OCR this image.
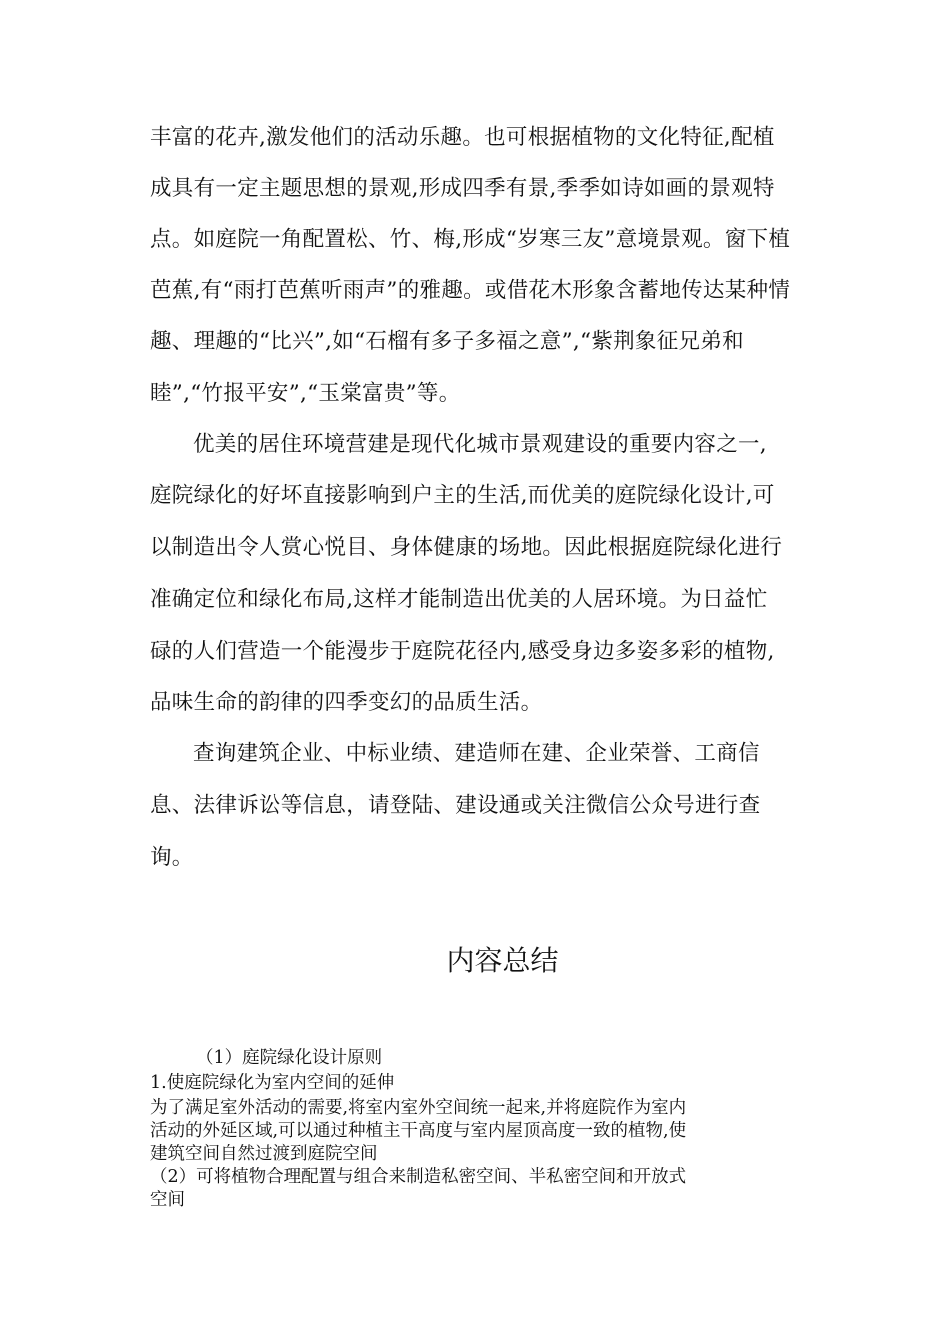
丰富的花卉,激发他们的活动乐趣。也可根据植物的文化特征,配植
成具有一定主题思想的景观,形成四季有景,季季如诗如画的景观特
点。如庭院一角配置松、竹、梅,形成“岁寒三友”意境景观。窗下植
芭蕉,有“雨打芭蕉听雨声”的雅趣。或借花木形象含蓄地传达某种情
趣、理趣的“比兴”,如“石榴有多子多福之意”,“紫荆象征兄弟和
睦”,“竹报平安”,“玉棠富贵”等。
优美的居住环境营建是现代化城市景观建设的重要内容之一,
庭院绿化的好坏直接影响到户主的生活,而优美的庭院绿化设计,可
以制造出令人赏心悦目、身体健康的场地。因此根据庭院绿化进行
准确定位和绿化布局,这样才能制造出优美的人居环境。为日益忙
碌的人们营造一个能漫步于庭院花径内,感受身边多姿多彩的植物,
品味生命的韵律的四季变幻的品质生活。
查询建筑企业、中标业绩、建造师在建、企业荣誉、工商信
息、法律诉讼等信息，请登陆、建设通或关注微信公众号进行查
询。
内容总结
（1）庭院绿化设计原则
1.使庭院绿化为室内空间的延伸
为了满足室外活动的需要,将室内室外空间统一起来,并将庭院作为室内
活动的外延区域,可以通过种植主干高度与室内屋顶高度一致的植物,使
建筑空间自然过渡到庭院空间
（2）可将植物合理配置与组合来制造私密空间、半私密空间和开放式
空间
